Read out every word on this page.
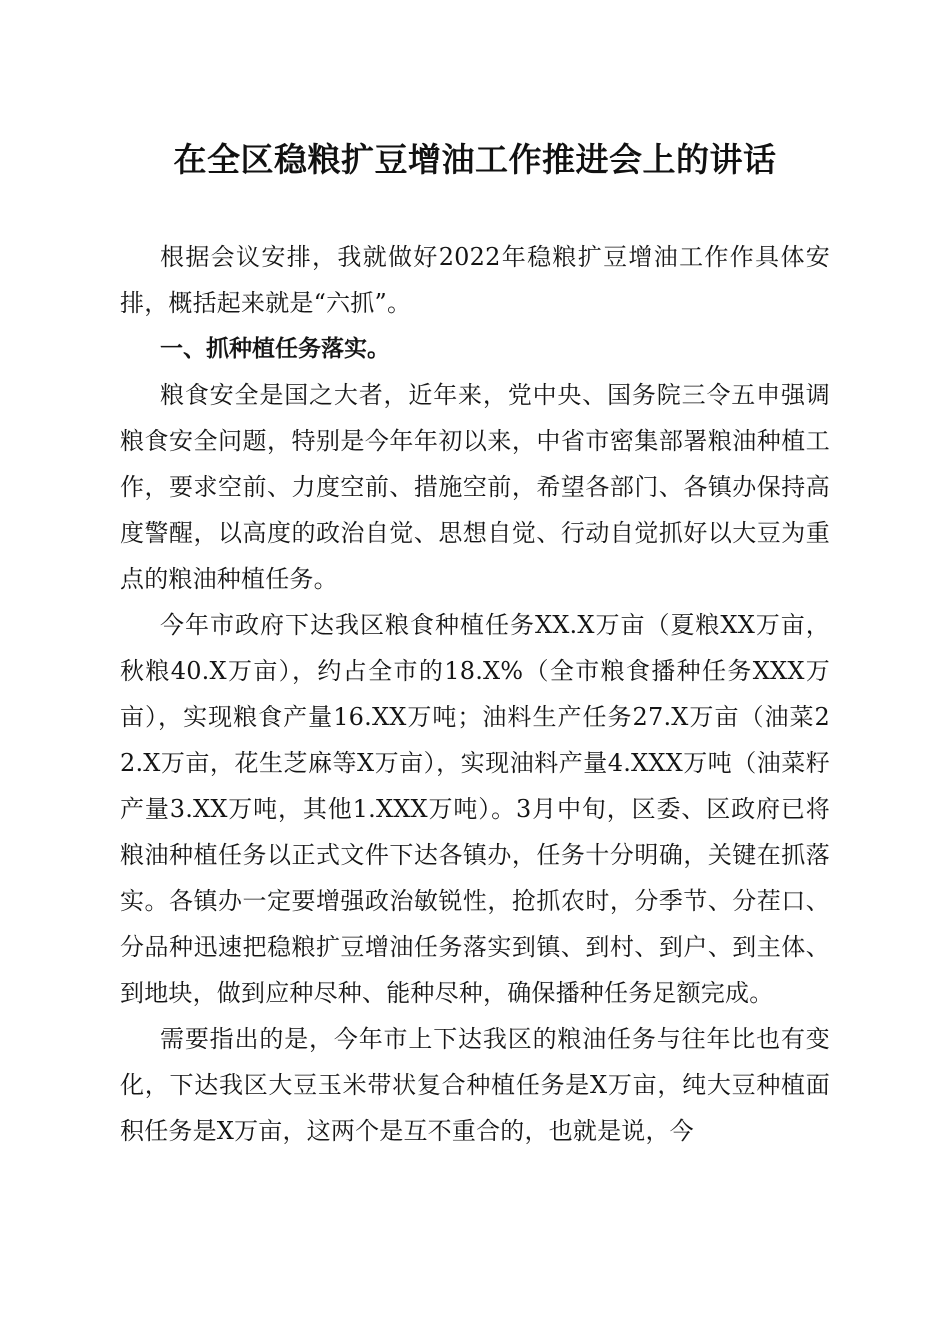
在全区稳粮扩豆增油工作推进会上的讲话

根据会议安排，我就做好2022年稳粮扩豆增油工作作具体安排，概括起来就是“六抓”。

一、抓种植任务落实。

粮食安全是国之大者，近年来，党中央、国务院三令五申强调粮食安全问题，特别是今年年初以来，中省市密集部署粮油种植工作，要求空前、力度空前、措施空前，希望各部门、各镇办保持高度警醒，以高度的政治自觉、思想自觉、行动自觉抓好以大豆为重点的粮油种植任务。

今年市政府下达我区粮食种植任务XX.X万亩（夏粮XX万亩，秋粮40.X万亩），约占全市的18.X%（全市粮食播种任务XXX万亩），实现粮食产量16.XX万吨；油料生产任务27.X万亩（油菜22.X万亩，花生芝麻等X万亩），实现油料产量4.XXX万吨（油菜籽产量3.XX万吨，其他1.XXX万吨）。3月中旬，区委、区政府已将粮油种植任务以正式文件下达各镇办，任务十分明确，关键在抓落实。各镇办一定要增强政治敏锐性，抢抓农时，分季节、分茬口、分品种迅速把稳粮扩豆增油任务落实到镇、到村、到户、到主体、到地块，做到应种尽种、能种尽种，确保播种任务足额完成。

需要指出的是，今年市上下达我区的粮油任务与往年比也有变化，下达我区大豆玉米带状复合种植任务是X万亩，纯大豆种植面积任务是X万亩，这两个是互不重合的，也就是说，今
